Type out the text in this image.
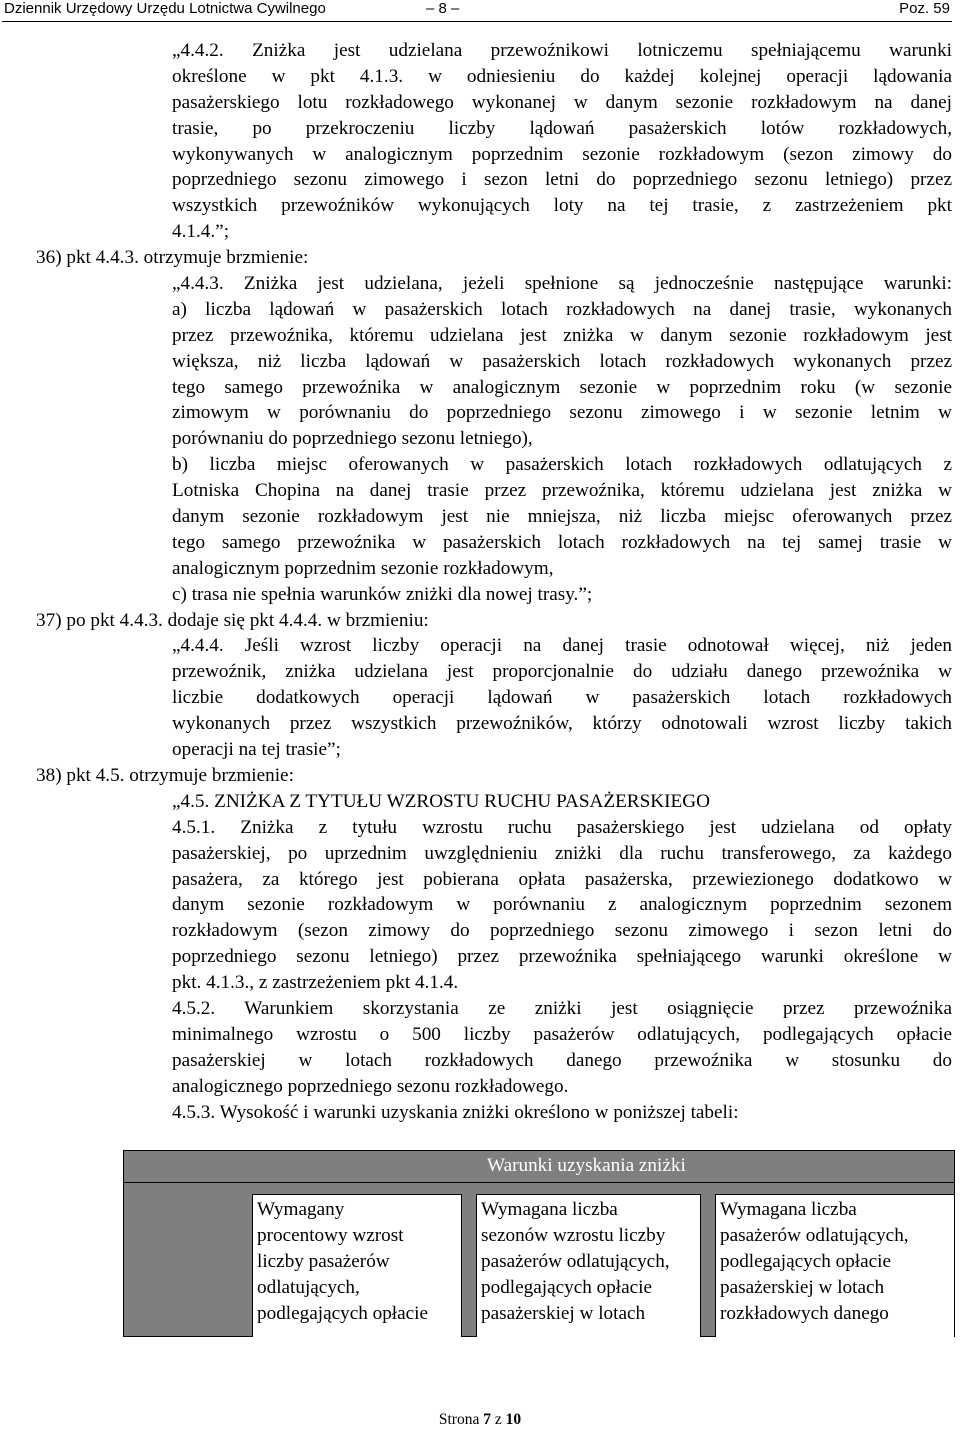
Dziennik Urzędowy Urzędu Lotnictwa Cywilnego	– 8 –	Poz. 59
„4.4.2. Zniżka jest udzielana przewoźnikowi lotniczemu spełniającemu warunki
określone w pkt 4.1.3. w odniesieniu do każdej kolejnej operacji lądowania
pasażerskiego lotu rozkładowego wykonanej w danym sezonie rozkładowym na danej
trasie, po przekroczeniu liczby lądowań pasażerskich lotów rozkładowych,
wykonywanych w analogicznym poprzednim sezonie rozkładowym (sezon zimowy do
poprzedniego sezonu zimowego i sezon letni do poprzedniego sezonu letniego) przez
wszystkich przewoźników wykonujących loty na tej trasie, z zastrzeżeniem pkt
4.1.4.”;
36) pkt 4.4.3. otrzymuje brzmienie:
„4.4.3. Zniżka jest udzielana, jeżeli spełnione są jednocześnie następujące warunki:
a) liczba lądowań w pasażerskich lotach rozkładowych na danej trasie, wykonanych
przez przewoźnika, któremu udzielana jest zniżka w danym sezonie rozkładowym jest
większa, niż liczba lądowań w pasażerskich lotach rozkładowych wykonanych przez
tego samego przewoźnika w analogicznym sezonie w poprzednim roku (w sezonie
zimowym w porównaniu do poprzedniego sezonu zimowego i w sezonie letnim w
porównaniu do poprzedniego sezonu letniego),
b) liczba miejsc oferowanych w pasażerskich lotach rozkładowych odlatujących z
Lotniska Chopina na danej trasie przez przewoźnika, któremu udzielana jest zniżka w
danym sezonie rozkładowym jest nie mniejsza, niż liczba miejsc oferowanych przez
tego samego przewoźnika w pasażerskich lotach rozkładowych na tej samej trasie w
analogicznym poprzednim sezonie rozkładowym,
c) trasa nie spełnia warunków zniżki dla nowej trasy.”;
37) po pkt 4.4.3. dodaje się pkt 4.4.4. w brzmieniu:
„4.4.4. Jeśli wzrost liczby operacji na danej trasie odnotował więcej, niż jeden
przewoźnik, zniżka udzielana jest proporcjonalnie do udziału danego przewoźnika w
liczbie dodatkowych operacji lądowań w pasażerskich lotach rozkładowych
wykonanych przez wszystkich przewoźników, którzy odnotowali wzrost liczby takich
operacji na tej trasie”;
38) pkt 4.5. otrzymuje brzmienie:
„4.5. ZNIŻKA Z TYTUŁU WZROSTU RUCHU PASAŻERSKIEGO
4.5.1. Zniżka z tytułu wzrostu ruchu pasażerskiego jest udzielana od opłaty
pasażerskiej, po uprzednim uwzględnieniu zniżki dla ruchu transferowego, za każdego
pasażera, za którego jest pobierana opłata pasażerska, przewiezionego dodatkowo w
danym sezonie rozkładowym w porównaniu z analogicznym poprzednim sezonem
rozkładowym (sezon zimowy do poprzedniego sezonu zimowego i sezon letni do
poprzedniego sezonu letniego) przez przewoźnika spełniającego warunki określone w
pkt. 4.1.3., z zastrzeżeniem pkt 4.1.4.
4.5.2. Warunkiem skorzystania ze zniżki jest osiągnięcie przez przewoźnika
minimalnego wzrostu o 500 liczby pasażerów odlatujących, podlegających opłacie
pasażerskiej w lotach rozkładowych danego przewoźnika w stosunku do
analogicznego poprzedniego sezonu rozkładowego.
4.5.3. Wysokość i warunki uzyskania zniżki określono w poniższej tabeli:
Warunki uzyskania zniżki
Wymagany
procentowy wzrost
liczby pasażerów
odlatujących,
podlegających opłacie
Wymagana liczba
sezonów wzrostu liczby
pasażerów odlatujących,
podlegających opłacie
pasażerskiej w lotach
Wymagana liczba
pasażerów odlatujących,
podlegających opłacie
pasażerskiej w lotach
rozkładowych danego
Strona 7 z 10
